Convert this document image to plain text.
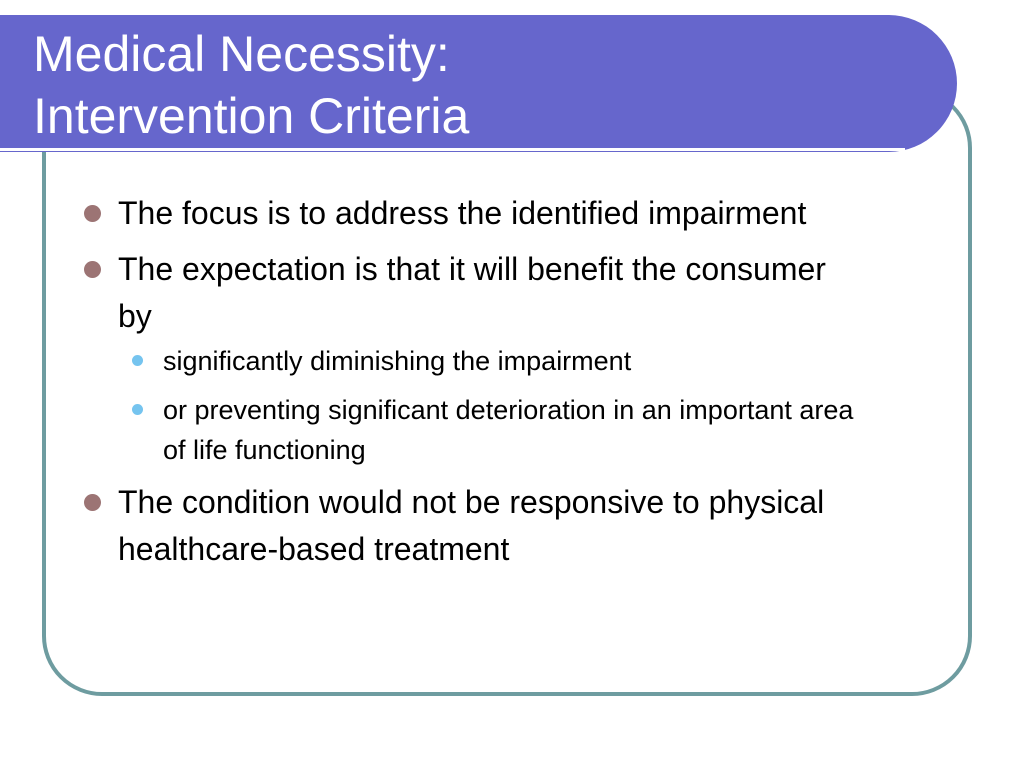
Medical Necessity:
Intervention Criteria
The focus is to address the identified impairment
The expectation is that it will benefit the consumer by
significantly diminishing the impairment
or preventing significant deterioration in an important area of life functioning
The condition would not be responsive to physical healthcare-based treatment
